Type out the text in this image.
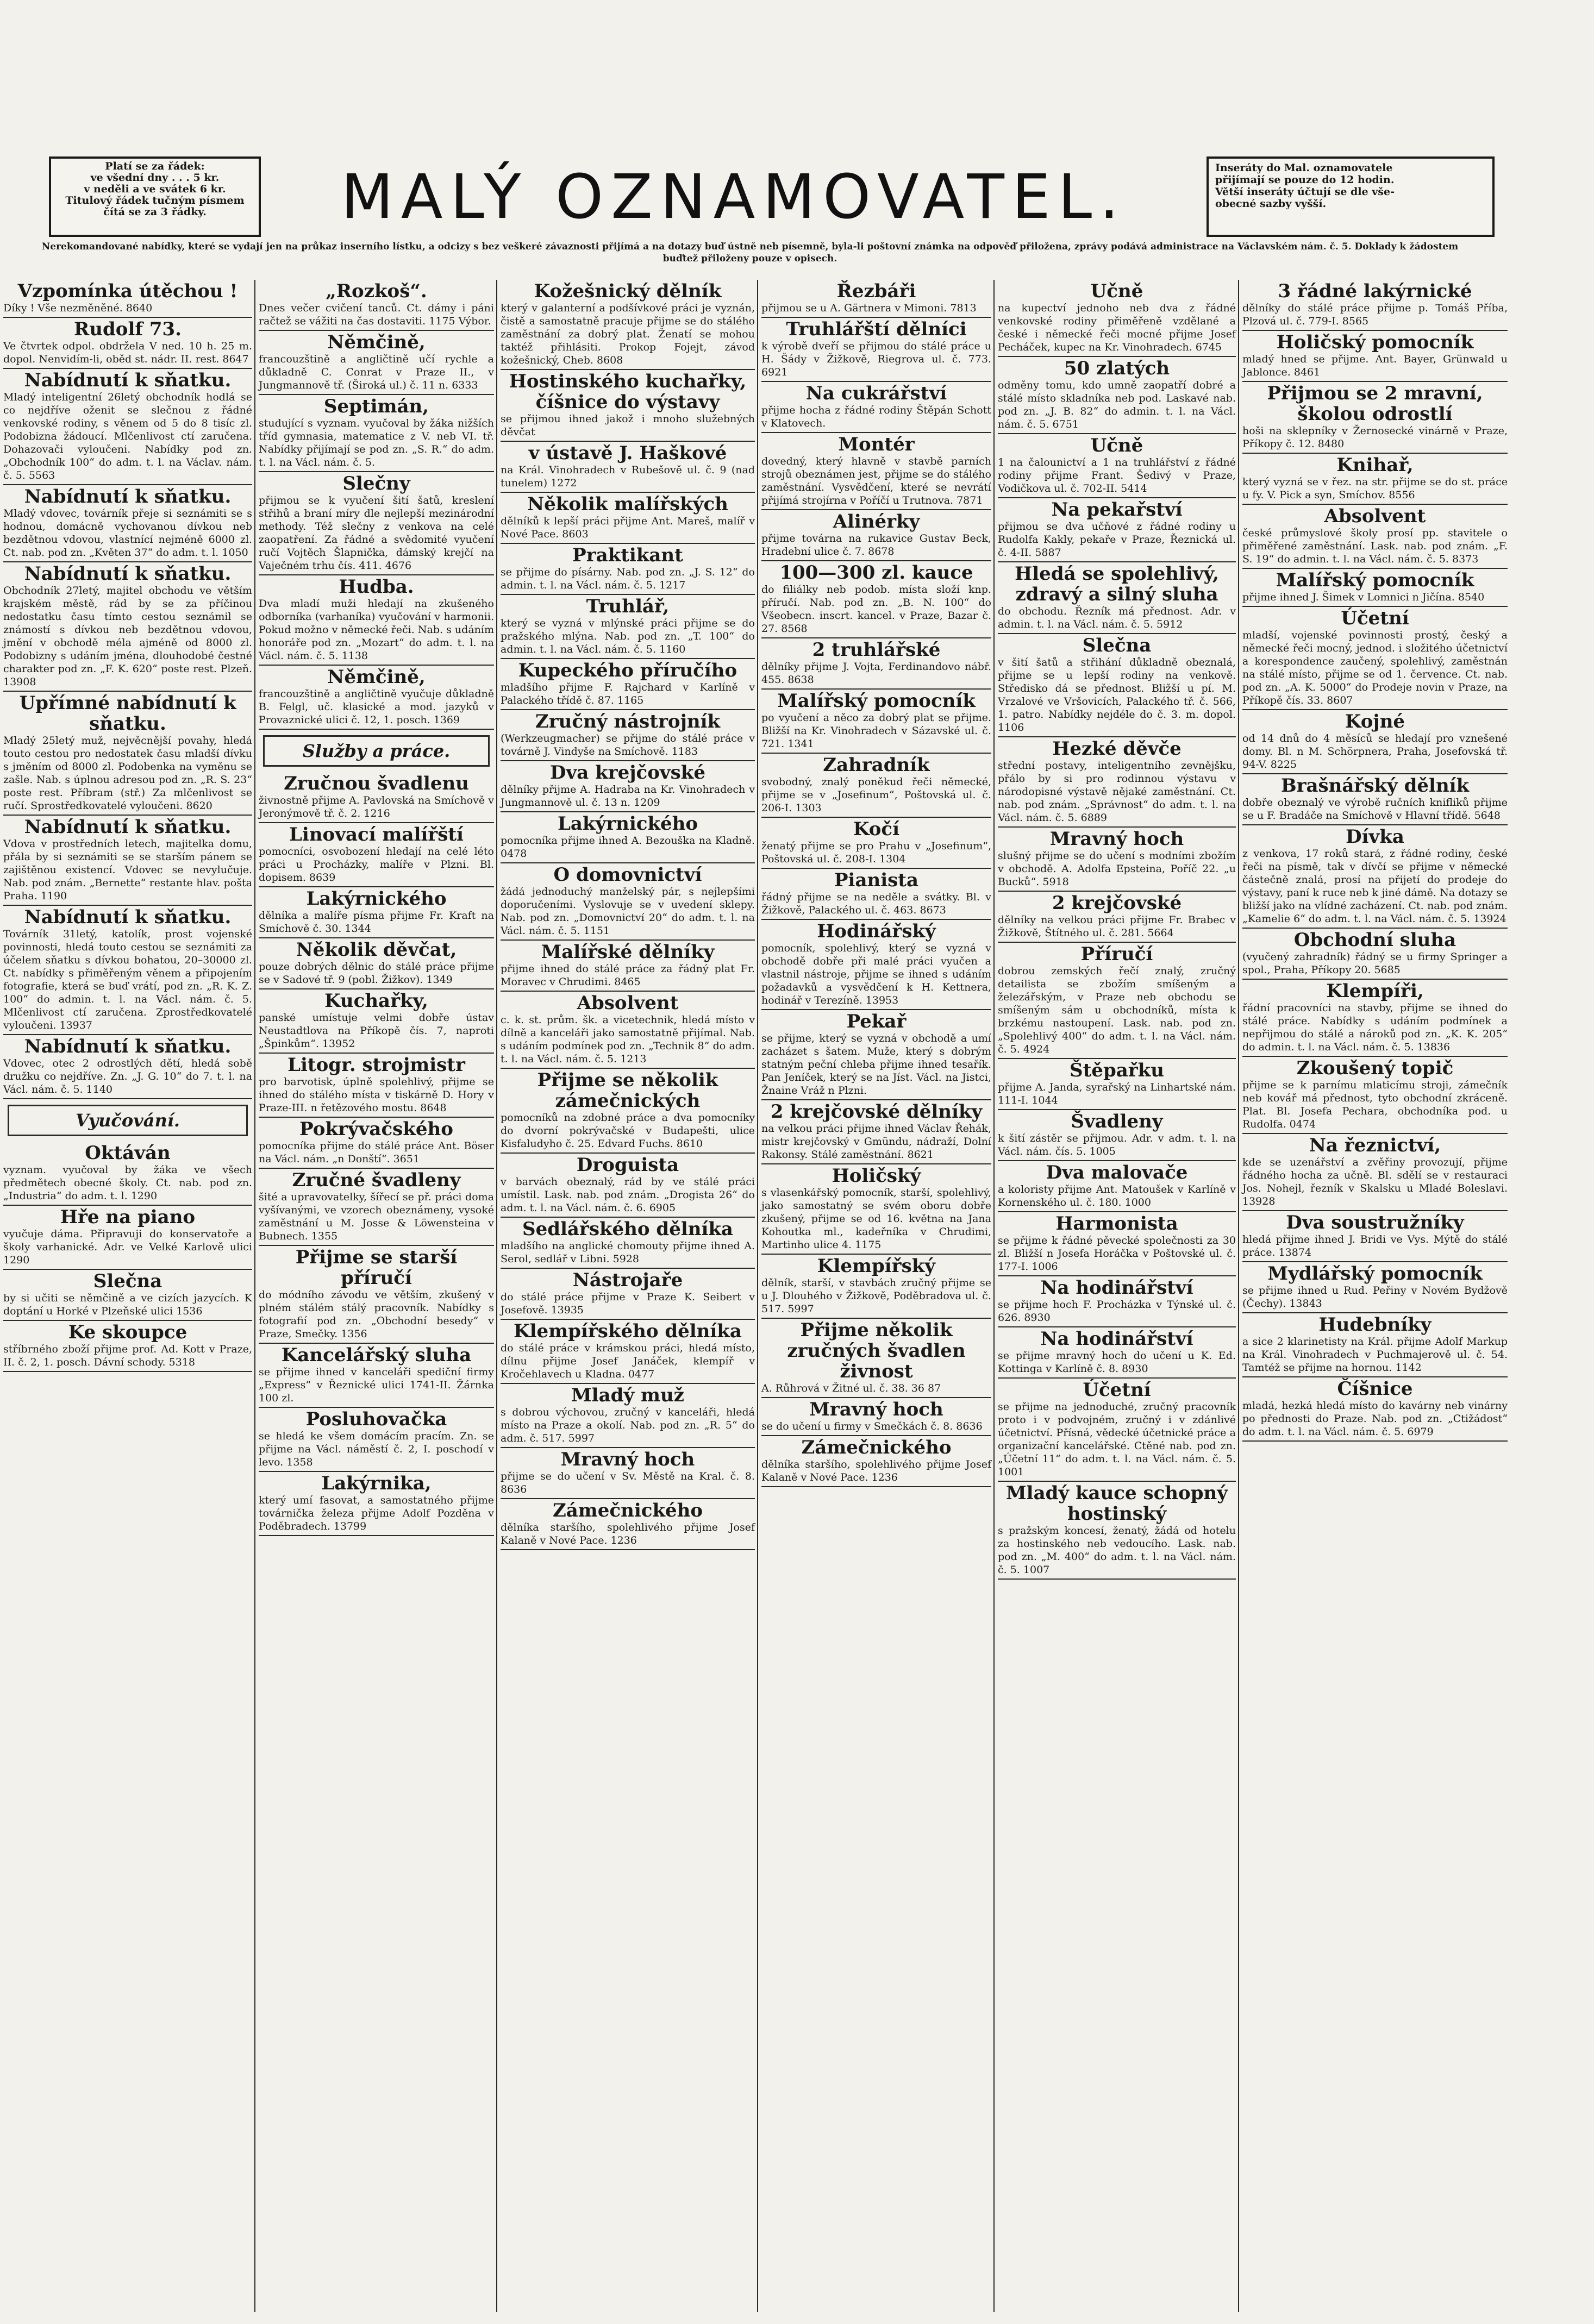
Platí se za řádek:
ve všední dny . . . 5 kr.
v neděli a ve svátek 6 kr.
Titulový řádek tučným písmem
čítá se za 3 řádky.	MALÝ OZNAMOVATEL.	Inseráty do Mal. oznamovatele
přijímají se pouze do 12 hodin.
Větší inseráty účtují se dle vše-
obecné sazby vyšší.
Nerekomandované nabídky, které se vydají jen na průkaz inserního lístku, a odcizy s bez veškeré závaznosti přijímá a na dotazy buď ústně neb písemně, byla-li poštovní známka na odpověď přiložena, zprávy podává administrace na Václavském nám. č. 5. Doklady k žádostem buďtež přiloženy pouze v opisech.
Vzpomínka útěchou !
Díky ! Vše nezměněné. 8640
Rudolf 73.
Ve čtvrtek odpol. obdržela V ned. 10 h. 25 m. dopol. Nenvidím-li, oběd st. nádr. II. rest. 8647
Nabídnutí k sňatku.
Mladý inteligentní 26letý obchodník hodlá se co nejdříve oženit se slečnou z řádné venkovské rodiny, s věnem od 5 do 8 tisíc zl. Podobizna žádoucí. Mlčenlivost ctí zaručena. Dohazovači vyloučeni. Nabídky pod zn. „Obchodník 100“ do adm. t. l. na Václav. nám. č. 5. 5563
Nabídnutí k sňatku.
Mladý vdovec, továrník přeje si seznámiti se s hodnou, domácně vychovanou dívkou neb bezdětnou vdovou, vlastnící nejméně 6000 zl. Ct. nab. pod zn. „Květen 37“ do adm. t. l. 1050
Nabídnutí k sňatku.
Obchodník 27letý, majitel obchodu ve větším krajském městě, rád by se za příčinou nedostatku času tímto cestou seznámil se známostí s dívkou neb bezdětnou vdovou, jmění v obchodě méla ajméně od 8000 zl. Podobizny s udáním jména, dlouhodobé čestné charakter pod zn. „F. K. 620“ poste rest. Plzeň. 13908
Upřímné nabídnutí k sňatku.
Mladý 25letý muž, nejvěcnější povahy, hledá touto cestou pro nedostatek času mladší dívku s jměním od 8000 zl. Podobenka na vyměnu se zašle. Nab. s úplnou adresou pod zn. „R. S. 23“ poste rest. Příbram (stř.) Za mlčenlivost se ručí. Sprostředkovatelé vyloučeni. 8620
Nabídnutí k sňatku.
Vdova v prostředních letech, majitelka domu, přála by si seznámiti se se starším pánem se zajištěnou existencí. Vdovec se nevylučuje. Nab. pod znám. „Bernette“ restante hlav. pošta Praha. 1190
Nabídnutí k sňatku.
Továrník 31letý, katolík, prost vojenské povinnosti, hledá touto cestou se seznámiti za účelem sňatku s dívkou bohatou, 20–30000 zl. Ct. nabídky s přiměřeným věnem a připojením fotografie, která se buď vrátí, pod zn. „R. K. Z. 100“ do admin. t. l. na Václ. nám. č. 5. Mlčenlivost ctí zaručena. Zprostředkovatelé vyloučeni. 13937
Nabídnutí k sňatku.
Vdovec, otec 2 odrostlých dětí, hledá sobě družku co nejdříve. Zn. „J. G. 10“ do 7. t. l. na Václ. nám. č. 5. 1140
Vyučování.
Oktáván
vyznam. vyučoval by žáka ve všech předmětech obecné školy. Ct. nab. pod zn. „Industria“ do adm. t. l. 1290
Hře na piano
vyučuje dáma. Připravuji do konservatoře a školy varhanické. Adr. ve Velké Karlově ulici 1290
Slečna
by si učiti se němčině a ve cizích jazycích. K doptání u Horké v Plzeňské ulici 1536
Ke skoupce
stříbrného zboží přijme prof. Ad. Kott v Praze, II. č. 2, 1. posch. Dávní schody. 5318
„Rozkoš“.
Dnes večer cvičení tanců. Ct. dámy i páni račtež se vážiti na čas dostaviti. 1175 Výbor.
Němčině,
francouzštině a angličtině učí rychle a důkladně C. Conrat v Praze II., v Jungmannově tř. (Široká ul.) č. 11 n. 6333
Septimán,
studující s vyznam. vyučoval by žáka nižších tříd gymnasia, matematice z V. neb VI. tř. Nabídky přijímají se pod zn. „S. R.“ do adm. t. l. na Václ. nám. č. 5.
Slečny
přijmou se k vyučení šití šatů, kreslení střihů a braní míry dle nejlepší mezinárodní methody. Též slečny z venkova na celé zaopatření. Za řádné a svědomité vyučení ručí Vojtěch Šlapnička, dámský krejčí na Vaječném trhu čís. 411. 4676
Hudba.
Dva mladí muži hledají na zkušeného odborníka (varhaníka) vyučování v harmonii. Pokud možno v německé řeči. Nab. s udáním honoráře pod zn. „Mozart“ do adm. t. l. na Václ. nám. č. 5. 1138
Němčině,
francouzštině a angličtině vyučuje důkladně B. Felgl, uč. klasické a mod. jazyků v Provaznické ulici č. 12, 1. posch. 1369
Služby a práce.
Zručnou švadlenu
živnostně přijme A. Pavlovská na Smíchově v Jeronýmově tř. č. 2. 1216
Linovací malířští
pomocníci, osvobození hledají na celé léto práci u Procházky, malíře v Plzni. Bl. dopisem. 8639
Lakýrnického
dělníka a malíře písma přijme Fr. Kraft na Smíchově č. 30. 1344
Několik děvčat,
pouze dobrých dělnic do stálé práce přijme se v Sadové tř. 9 (pobl. Žižkov). 1349
Kuchařky,
panské umístuje velmi dobře ústav Neustadtlova na Příkopě čís. 7, naproti „Špinkům“. 13952
Litogr. strojmistr
pro barvotisk, úplně spolehlivý, přijme se ihned do stálého místa v tiskárně D. Hory v Praze-III. n řetězového mostu. 8648
Pokrývačského
pomocníka přijme do stálé práce Ant. Böser na Václ. nám. „n Donští“. 3651
Zručné švadleny
šité a upravovatelky, šířecí se př. práci doma vyšívanými, ve vzorech obeznámeny, vysoké zaměstnání u M. Josse & Löwensteina v Bubnech. 1355
Přijme se starší příručí
do módního závodu ve větším, zkušený v plném stálém stálý pracovník. Nabídky s fotografií pod zn. „Obchodní besedy“ v Praze, Smečky. 1356
Kancelářský sluha
se přijme ihned v kanceláři spediční firmy „Express“ v Řeznické ulici 1741-II. Žárnka 100 zl.
Posluhovačka
se hledá ke všem domácím pracím. Zn. se přijme na Václ. náměstí č. 2, I. poschodí v levo. 1358
Lakýrnika,
který umí fasovat, a samostatného přijme továrnička železa přijme Adolf Pozděna v Poděbradech. 13799
Kožešnický dělník
který v galanterní a podšívkové práci je vyznán, čistě a samostatně pracuje přijme se do stálého zaměstnání za dobrý plat. Ženatí se mohou taktéž přihlásiti. Prokop Fojejt, závod kožešnický, Cheb. 8608
Hostinského kuchařky, číšnice do výstavy
se přijmou ihned jakož i mnoho služebných děvčat
v ústavě J. Haškové
na Král. Vinohradech v Rubešově ul. č. 9 (nad tunelem) 1272
Několik malířských
dělníků k lepší práci přijme Ant. Mareš, malíř v Nové Pace. 8603
Praktikant
se přijme do písárny. Nab. pod zn. „J. S. 12“ do admin. t. l. na Václ. nám. č. 5. 1217
Truhlář,
který se vyzná v mlýnské práci přijme se do pražského mlýna. Nab. pod zn. „T. 100“ do admin. t. l. na Václ. nám. č. 5. 1160
Kupeckého příručího
mladšího přijme F. Rajchard v Karlíně v Palackého třídě č. 87. 1165
Zručný nástrojník
(Werkzeugmacher) se přijme do stálé práce v továrně J. Vindyše na Smíchově. 1183
Dva krejčovské
dělníky přijme A. Hadraba na Kr. Vinohradech v Jungmannově ul. č. 13 n. 1209
Lakýrnického
pomocníka přijme ihned A. Bezouška na Kladně. 0478
O domovnictví
žádá jednoduchý manželský pár, s nejlepšími doporučeními. Vyslovuje se v uvedení sklepy. Nab. pod zn. „Domovnictví 20“ do adm. t. l. na Václ. nám. č. 5. 1151
Malířské dělníky
přijme ihned do stálé práce za řádný plat Fr. Moravec v Chrudimi. 8465
Absolvent
c. k. st. prům. šk. a vicetechnik, hledá místo v dílně a kanceláři jako samostatně přijímal. Nab. s udáním podmínek pod zn. „Technik 8“ do adm. t. l. na Václ. nám. č. 5. 1213
Přijme se několik zámečnických
pomocníků na zdobné práce a dva pomocníky do dvorní pokrývačské v Budapešti, ulice Kisfaludyho č. 25. Edvard Fuchs. 8610
Droguista
v barvách obeznalý, rád by ve stálé práci umístil. Lask. nab. pod znám. „Drogista 26“ do adm. t. l. na Václ. nám. č. 6. 6905
Sedlářského dělníka
mladšího na anglické chomouty přijme ihned A. Serol, sedlář v Libni. 5928
Nástrojaře
do stálé práce přijme v Praze K. Seibert v Josefově. 13935
Klempířského dělníka
do stálé práce v krámskou práci, hledá místo, dílnu přijme Josef Janáček, klempíř v Kročehlavech u Kladna. 0477
Mladý muž
s dobrou výchovou, zručný v kanceláři, hledá místo na Praze a okolí. Nab. pod zn. „R. 5“ do adm. č. 517. 5997
Mravný hoch
přijme se do učení v Sv. Městě na Kral. č. 8. 8636
Zámečnického
dělníka staršího, spolehlivého přijme Josef Kalaně v Nové Pace. 1236
Řezbáři
přijmou se u A. Gärtnera v Mimoni. 7813
Truhlářští dělníci
k výrobě dveří se přijmou do stálé práce u H. Šády v Žižkově, Riegrova ul. č. 773. 6921
Na cukrářství
přijme hocha z řádné rodiny Štěpán Schott v Klatovech.
Montér
dovedný, který hlavně v stavbě parních strojů obeznámen jest, přijme se do stálého zaměstnání. Vysvědčení, které se nevrátí přijímá strojírna v Poříčí u Trutnova. 7871
Alinérky
přijme továrna na rukavice Gustav Beck, Hradební ulice č. 7. 8678
100—300 zl. kauce
do filiálky neb podob. místa složí knp. příručí. Nab. pod zn. „B. N. 100“ do Všeobecn. inscrt. kancel. v Praze, Bazar č. 27. 8568
2 truhlářské
dělníky přijme J. Vojta, Ferdinandovo nábř. 455. 8638
Malířský pomocník
po vyučení a něco za dobrý plat se přijme. Bližší na Kr. Vinohradech v Sázavské ul. č. 721. 1341
Zahradník
svobodný, znalý poněkud řeči německé, přijme se v „Josefinum“, Poštovská ul. č. 206-I. 1303
Kočí
ženatý přijme se pro Prahu v „Josefinum“, Poštovská ul. č. 208-I. 1304
Pianista
řádný přijme se na neděle a svátky. Bl. v Žižkově, Palackého ul. č. 463. 8673
Hodinářský
pomocník, spolehlivý, který se vyzná v obchodě dobře při malé práci vyučen a vlastnil nástroje, přijme se ihned s udáním požadavků a vysvědčení k H. Kettnera, hodinář v Terezíně. 13953
Pekař
se přijme, který se vyzná v obchodě a umí zacházet s šatem. Muže, který s dobrým statným peční chleba přijme ihned tesařík. Pan Jeníček, který se na Jíst. Václ. na Jistci, Žnaine Vráž n Plzni.
2 krejčovské dělníky
na velkou práci přijme ihned Václav Řehák, mistr krejčovský v Gmündu, nádraží, Dolní Rakonsy. Stálé zaměstnání. 8621
Holičský
s vlasenkářský pomocník, starší, spolehlivý, jako samostatný se svém oboru dobře zkušený, přijme se od 16. května na Jana Kohoutka ml., kadeřníka v Chrudimi, Martinho ulice 4. 1175
Klempířský
dělník, starší, v stavbách zručný přijme se u J. Dlouhého v Žižkově, Poděbradova ul. č. 517. 5997
Přijme několik zručných švadlen živnost
A. Růhrová v Žitné ul. č. 38. 36 87
Mravný hoch
se do učení u firmy v Smečkách č. 8. 8636
Zámečnického
dělníka staršího, spolehlivého přijme Josef Kalaně v Nové Pace. 1236
Učně
na kupectví jednoho neb dva z řádné venkovské rodiny přiměřeně vzdělané a české i německé řeči mocné přijme Josef Pecháček, kupec na Kr. Vinohradech. 6745
50 zlatých
odměny tomu, kdo umně zaopatří dobré a stálé místo skladníka neb pod. Laskavé nab. pod zn. „J. B. 82“ do admin. t. l. na Václ. nám. č. 5. 6751
Učně
1 na čalounictví a 1 na truhlářství z řádné rodiny přijme Frant. Šedivý v Praze, Vodičkova ul. č. 702-II. 5414
Na pekařství
přijmou se dva učňové z řádné rodiny u Rudolfa Kakly, pekaře v Praze, Řeznická ul. č. 4-II. 5887
Hledá se spolehlivý, zdravý a silný sluha
do obchodu. Řezník má přednost. Adr. v admin. t. l. na Václ. nám. č. 5. 5912
Slečna
v šití šatů a střihání důkladně obeznalá, přijme se u lepší rodiny na venkově. Středisko dá se přednost. Bližší u pí. M. Vrzalové ve Vršovicích, Palackého tř. č. 566, 1. patro. Nabídky nejdéle do č. 3. m. dopol. 1106
Hezké děvče
střední postavy, inteligentního zevnějšku, přálo by si pro rodinnou výstavu v národopisné výstavě nějaké zaměstnání. Ct. nab. pod znám. „Správnost“ do adm. t. l. na Václ. nám. č. 5. 6889
Mravný hoch
slušný přijme se do učení s modními zbožím v obchodě. A. Adolfa Epsteina, Poříč 22. „u Bucků“. 5918
2 krejčovské
dělníky na velkou práci přijme Fr. Brabec v Žižkově, Štítného ul. č. 281. 5664
Příručí
dobrou zemských řečí znalý, zručný detailista se zbožím smíšeným a železářským, v Praze neb obchodu se smíšeným sám u obchodníků, místa k brzkému nastoupení. Lask. nab. pod zn. „Spolehlivý 400“ do adm. t. l. na Václ. nám. č. 5. 4924
Štěpařku
přijme A. Janda, syrařský na Linhartské nám. 111-I. 1044
Švadleny
k šití zástěr se přijmou. Adr. v adm. t. l. na Václ. nám. čís. 5. 1005
Dva malovače
a koloristy přijme Ant. Matoušek v Karlíně v Kornenského ul. č. 180. 1000
Harmonista
se přijme k řádné pěvecké společnosti za 30 zl. Bližší n Josefa Horáčka v Poštovské ul. č. 177-I. 1006
Na hodinářství
se přijme hoch F. Procházka v Týnské ul. č. 626. 8930
Na hodinářství
se přijme mravný hoch do učení u K. Ed. Kottinga v Karlíně č. 8. 8930
Účetní
se přijme na jednoduché, zručný pracovník proto i v podvojném, zručný i v zdánlivé účetnictví. Přísná, vědecké účetnické práce a organizační kancelářské. Ctěné nab. pod zn. „Účetní 11“ do adm. t. l. na Václ. nám. č. 5. 1001
Mladý kauce schopný hostinský
s pražským koncesí, ženatý, žádá od hotelu za hostinského neb vedoucího. Lask. nab. pod zn. „M. 400“ do adm. t. l. na Václ. nám. č. 5. 1007
3 řádné lakýrnické
dělníky do stálé práce přijme p. Tomáš Příba, Plzová ul. č. 779-I. 8565
Holičský pomocník
mladý hned se přijme. Ant. Bayer, Grünwald u Jablonce. 8461
Přijmou se 2 mravní, školou odrostlí
hoši na sklepníky v Žernosecké vinárně v Praze, Příkopy č. 12. 8480
Knihař,
který vyzná se v řez. na str. přijme se do st. práce u fy. V. Pick a syn, Smíchov. 8556
Absolvent
české průmyslové školy prosí pp. stavitele o přiměřené zaměstnání. Lask. nab. pod znám. „F. S. 19“ do admin. t. l. na Václ. nám. č. 5. 8373
Malířský pomocník
přijme ihned J. Šimek v Lomnici n Jičína. 8540
Účetní
mladší, vojenské povinnosti prostý, český a německé řeči mocný, jednod. i složitého účetnictví a korespondence zaučený, spolehlivý, zaměstnán na stálé místo, přijme se od 1. července. Ct. nab. pod zn. „A. K. 5000“ do Prodeje novin v Praze, na Příkopě čís. 33. 8607
Kojné
od 14 dnů do 4 měsíců se hledají pro vznešené domy. Bl. n M. Schörpnera, Praha, Josefovská tř. 94-V. 8225
Brašnářský dělník
dobře obeznalý ve výrobě ručních knifliků přijme se u F. Bradáče na Smíchově v Hlavní třídě. 5648
Dívka
z venkova, 17 roků stará, z řádné rodiny, české řeči na písmě, tak v dívčí se přijme v německé částečně znalá, prosí na přijetí do prodeje do výstavy, paní k ruce neb k jiné dámě. Na dotazy se bližší jako na vlídné zacházení. Ct. nab. pod znám. „Kamelie 6“ do adm. t. l. na Václ. nám. č. 5. 13924
Obchodní sluha
(vyučený zahradník) řádný se u firmy Springer a spol., Praha, Příkopy 20. 5685
Klempíři,
řádní pracovníci na stavby, přijme se ihned do stálé práce. Nabídky s udáním podmínek a nepřijmou do stálé a nároků pod zn. „K. K. 205“ do admin. t. l. na Václ. nám. č. 5. 13836
Zkoušený topič
přijme se k parnímu mlaticímu stroji, zámečník neb kovář má přednost, tyto obchodní zkráceně. Plat. Bl. Josefa Pechara, obchodníka pod. u Rudolfa. 0474
Na řeznictví,
kde se uzenářství a zvěřiny provozují, přijme řádného hocha za učně. Bl. sdělí se v restauraci Jos. Nohejl, řezník v Skalsku u Mladé Boleslavi. 13928
Dva soustružníky
hledá přijme ihned J. Bridi ve Vys. Mýtě do stálé práce. 13874
Mydlářský pomocník
se přijme ihned u Rud. Peřiny v Novém Bydžově (Čechy). 13843
Hudebníky
a sice 2 klarinetisty na Král. přijme Adolf Markup na Král. Vinohradech v Puchmajerově ul. č. 54. Tamtéž se přijme na hornou. 1142
Číšnice
mladá, hezká hledá místo do kavárny neb vinárny po přednosti do Praze. Nab. pod zn. „Ctižádost“ do adm. t. l. na Václ. nám. č. 5. 6979
